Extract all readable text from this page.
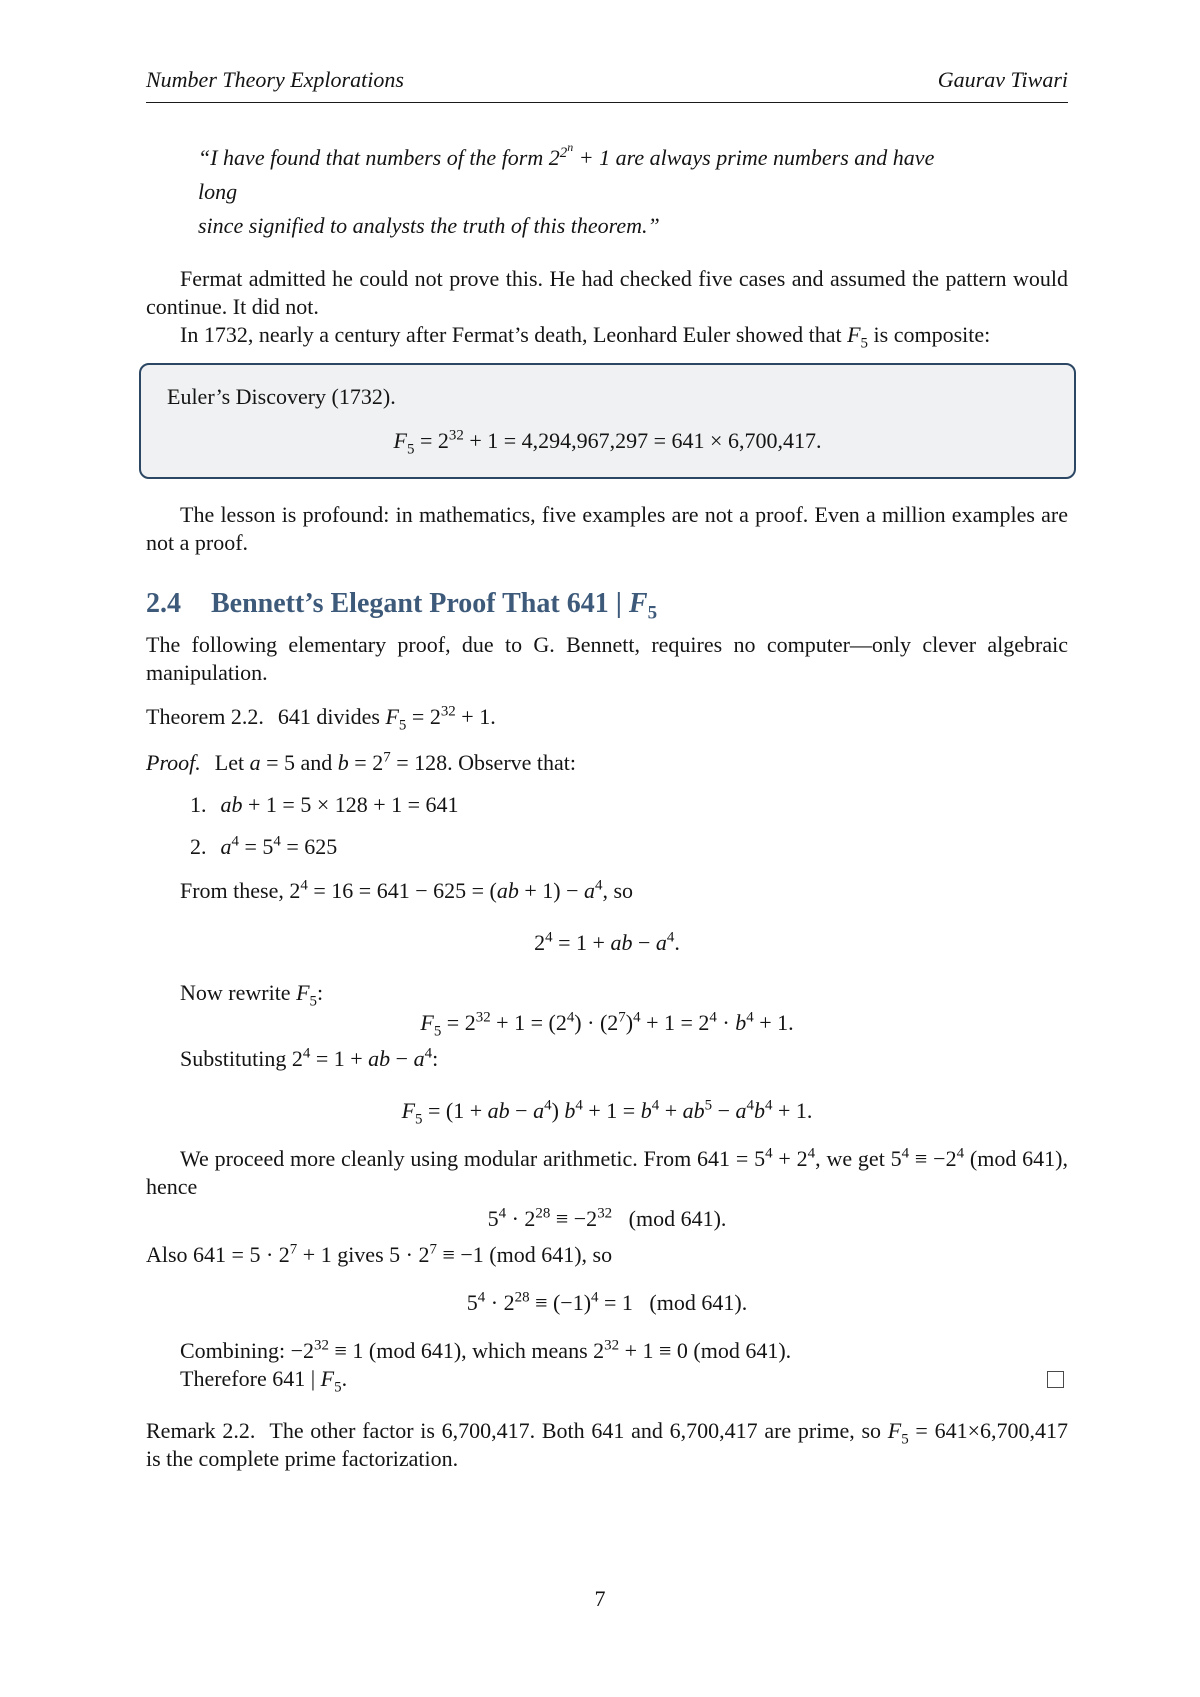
Number Theory Explorations	Gaurav Tiwari
“I have found that numbers of the form $2^{2^n} + 1$ are always prime numbers and have long
since signified to analysts the truth of this theorem.”

Fermat admitted he could not prove this. He had checked five cases and assumed the pattern would continue. It did not.

In 1732, nearly a century after Fermat’s death, Leonhard Euler showed that $F_5$ is composite:

Euler’s Discovery (1732).

$F_5 = 2^{32} + 1 = 4,294,967,297 = 641 \times 6,700,417$.

The lesson is profound: in mathematics, five examples are not a proof. Even a million examples are not a proof.

2.4 Bennett’s Elegant Proof That 641 | $F_5$

The following elementary proof, due to G. Bennett, requires no computer—only clever algebraic manipulation.

Theorem 2.2. 641 divides $F_5 = 2^{32} + 1$.

Proof. Let a = 5 and $b = 2^7 = 128$. Observe that:

1. ab + 1 = 5 × 128 + 1 = 641
2. $a^4 = 5^4 = 625$

From these, $2^4 = 16 = 641 - 625 = (ab + 1) - a^4$, so

$2^4 = 1$ + ab − $a^4$.

Now rewrite $F_5$:

$F_5 = 2^{32} + 1 = (2^4) \cdot (2^7)^4 + 1 = 2^4 \cdot b^4 + 1$.

Substituting $2^4 = 1$ + ab − $a^4$:

$F_5 = (1$ + ab − $a^4$) $b^4 + 1 = b^4 + ab^5 - a^4b^4 + 1$.

We proceed more cleanly using modular arithmetic. From $641 = 5^4 + 2^4$, we get $5^4 \equiv -2^4$ (mod 641), hence

$5^4 \cdot 2^{28} \equiv -2^{32}$   (mod 641).

Also $641 = 5 \cdot 2^7 + 1$ gives $5 \cdot 2^7 \equiv -1$ (mod 641), so

$5^4 \cdot 2^{28} \equiv (-1)^4 = 1$   (mod 641).

Combining: $-2^{32} \equiv 1$ (mod 641), which means $2^{32} + 1 \equiv 0$ (mod 641).

Therefore 641 | $F_5$.

Remark 2.2. The other factor is 6,700,417. Both 641 and 6,700,417 are prime, so $F_5 = 641\times 6,700,417$ is the complete prime factorization.

7
